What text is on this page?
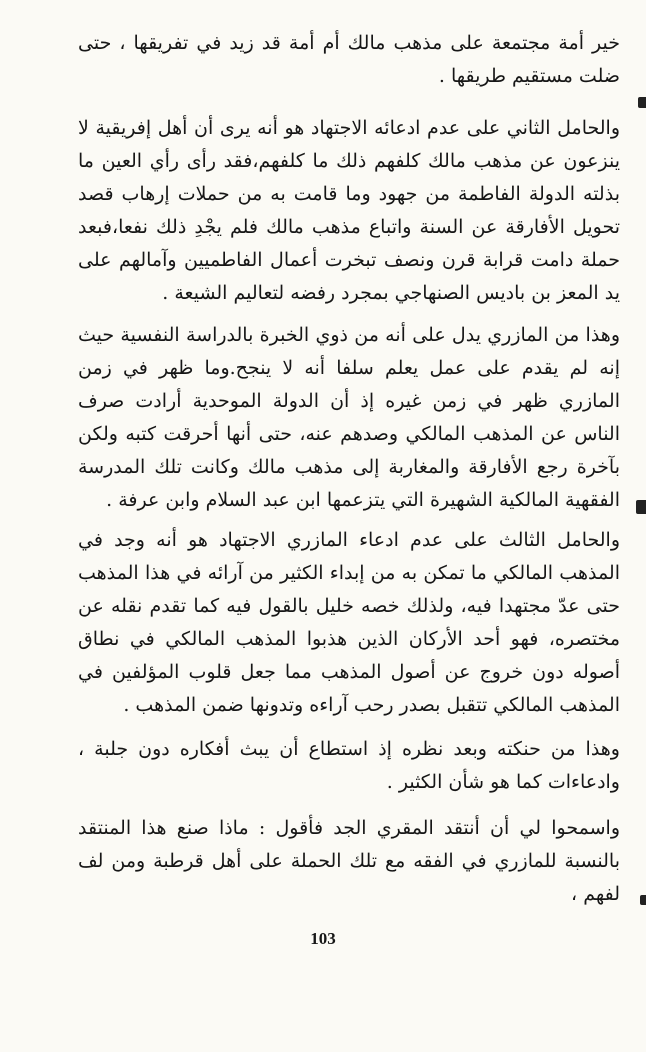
خير أمة مجتمعة على مذهب مالك أم أمة قد زيد في تفريقها ، حتى ضلت مستقيم طريقها .

والحامل الثاني على عدم ادعائه الاجتهاد هو أنه يرى أن أهل إفريقية لا ينزعون عن مذهب مالك كلفهم ذلك ما كلفهم،فقد رأى رأي العين ما بذلته الدولة الفاطمة من جهود وما قامت به من حملات إرهاب قصد تحويل الأفارقة عن السنة واتباع مذهب مالك فلم يجْدِ ذلك نفعا،فبعد حملة دامت قرابة قرن ونصف تبخرت أعمال الفاطميين وآمالهم على يد المعز بن باديس الصنهاجي بمجرد رفضه لتعاليم الشيعة .

وهذا من المازري يدل على أنه من ذوي الخبرة بالدراسة النفسية حيث إنه لم يقدم على عمل يعلم سلفا أنه لا ينجح.وما ظهر في زمن المازري ظهر في زمن غيره إذ أن الدولة الموحدية أرادت صرف الناس عن المذهب المالكي وصدهم عنه، حتى أنها أحرقت كتبه ولكن بآخرة رجع الأفارقة والمغاربة إلى مذهب مالك وكانت تلك المدرسة الفقهية المالكية الشهيرة التي يتزعمها ابن عبد السلام وابن عرفة .

والحامل الثالث على عدم ادعاء المازري الاجتهاد هو أنه وجد في المذهب المالكي ما تمكن به من إبداء الكثير من آرائه في هذا المذهب حتى عدّ مجتهدا فيه، ولذلك خصه خليل بالقول فيه كما تقدم نقله عن مختصره، فهو أحد الأركان الذين هذبوا المذهب المالكي في نطاق أصوله دون خروج عن أصول المذهب مما جعل قلوب المؤلفين في المذهب المالكي تتقبل بصدر رحب آراءه وتدونها ضمن المذهب .

وهذا من حنكته وبعد نظره إذ استطاع أن يبث أفكاره دون جلبة ، وادعاءات كما هو شأن الكثير .

واسمحوا لي أن أنتقد المقري الجد فأقول : ماذا صنع هذا المنتقد بالنسبة للمازري في الفقه مع تلك الحملة على أهل قرطبة ومن لف لفهم ،

103
